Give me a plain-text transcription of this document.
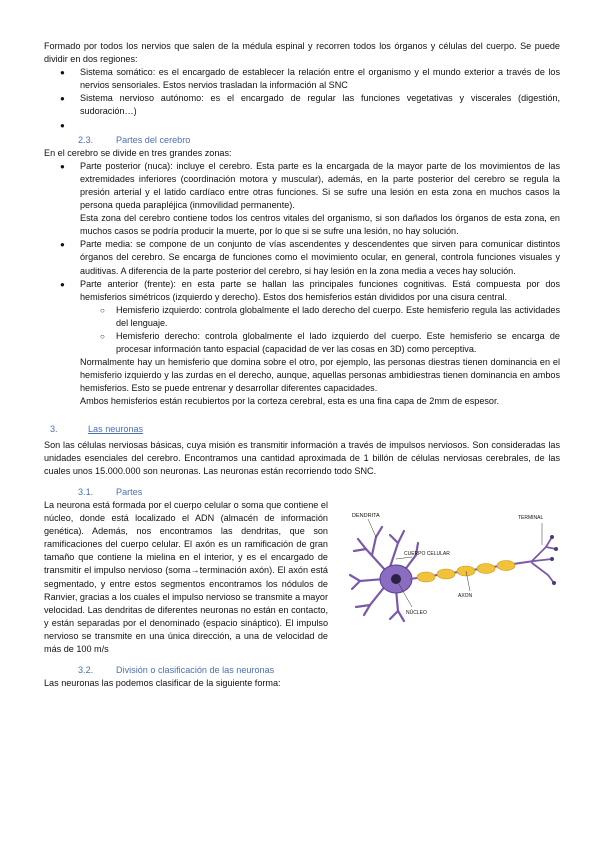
Formado por todos los nervios que salen de la médula espinal y recorren todos los órganos y células del cuerpo. Se puede dividir en dos regiones:

● Sistema somático: es el encargado de establecer la relación entre el organismo y el mundo exterior a través de los nervios sensoriales. Estos nervios trasladan la información al SNC

● Sistema nervioso autónomo: es el encargado de regular las funciones vegetativas y viscerales (digestión, sudoración…)

●

2.3.	Partes del cerebro

En el cerebro se divide en tres grandes zonas:

● Parte posterior (nuca): incluye el cerebro. Esta parte es la encargada de la mayor parte de los movimientos de las extremidades inferiores (coordinación motora y muscular), además, en la parte posterior del cerebro se regula la presión arterial y el latido cardíaco entre otras funciones. Si se sufre una lesión en esta zona en muchos casos la persona queda parapléjica (inmovilidad permanente).

Esta zona del cerebro contiene todos los centros vitales del organismo, si son dañados los órganos de esta zona, en muchos casos se podría producir la muerte, por lo que si se sufre una lesión, no hay solución.

● Parte media: se compone de un conjunto de vías ascendentes y descendentes que sirven para comunicar distintos órganos del cerebro. Se encarga de funciones como el movimiento ocular, en general, controla funciones visuales y auditivas. A diferencia de la parte posterior del cerebro, si hay lesión en la zona media a veces hay solución.

● Parte anterior (frente): en esta parte se hallan las principales funciones cognitivas. Está compuesta por dos hemisferios simétricos (izquierdo y derecho). Estos dos hemisferios están divididos por una cisura central.

○ Hemisferio izquierdo: controla globalmente el lado derecho del cuerpo. Este hemisferio regula las actividades del lenguaje.

○ Hemisferio derecho: controla globalmente el lado izquierdo del cuerpo. Este hemisferio se encarga de procesar información tanto espacial (capacidad de ver las cosas en 3D) como perceptiva.

Normalmente hay un hemisferio que domina sobre el otro, por ejemplo, las personas diestras tienen dominancia en el hemisferio izquierdo y las zurdas en el derecho, aunque, aquellas personas ambidiestras tienen dominancia en ambos hemisferios. Esto se puede entrenar y desarrollar diferentes capacidades.

Ambos hemisferios están recubiertos por la corteza cerebral, esta es una fina capa de 2mm de espesor.

3.	Las neuronas

Son las células nerviosas básicas, cuya misión es transmitir información a través de impulsos nerviosos. Son consideradas las unidades esenciales del cerebro. Encontramos una cantidad aproximada de 1 billón de células nerviosas cerebrales, de las cuales unos 15.000.000 son neuronas. Las neuronas están recorriendo todo SNC.

3.1.	Partes

La neurona está formada por el cuerpo celular o soma que contiene el núcleo, donde está localizado el ADN (almacén de información genética). Además, nos encontramos las dendritas, que son ramificaciones del cuerpo celular. El axón es un ramificación de gran tamaño que contiene la mielina en el interior, y es el encargado de transmitir el impulso nervioso (soma→terminación axón). El axón está segmentado, y entre estos segmentos encontramos los nódulos de Ranvier, gracias a los cuales el impulso nervioso se transmite a mayor velocidad. Las dendritas de diferentes neuronas no están en contacto, y están separadas por el denominado (espacio sináptico). El impulso nervioso se transmite en una única dirección, a una de velocidad de más de 100 m/s

DENDRITA
CUERPO CELULAR
AXON
TERMINAL
NÚCLEO
3.2.	División o clasificación de las neuronas

Las neuronas las podemos clasificar de la siguiente forma:
